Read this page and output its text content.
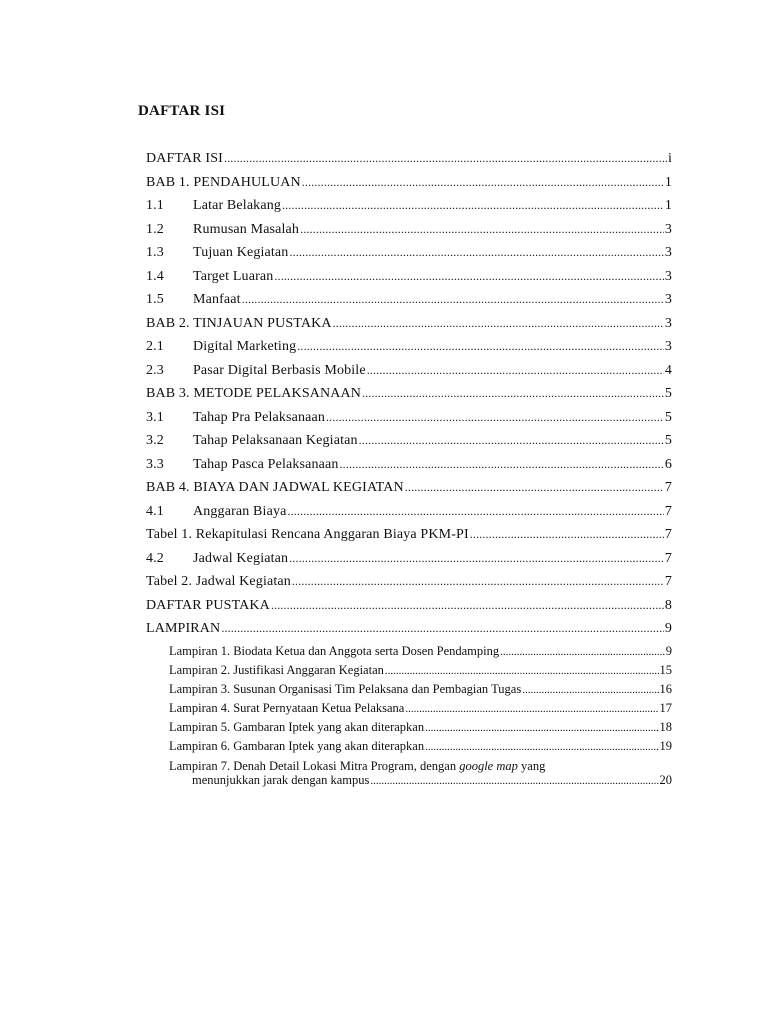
DAFTAR ISI
DAFTAR ISI .....	i
BAB 1. PENDAHULUAN .....	1
1.1	Latar Belakang .....	1
1.2	Rumusan Masalah .....	3
1.3	Tujuan Kegiatan .....	3
1.4	Target Luaran .....	3
1.5	Manfaat .....	3
BAB 2. TINJAUAN PUSTAKA .....	3
2.1	Digital Marketing .....	3
2.3	Pasar Digital Berbasis Mobile .....	4
BAB 3. METODE PELAKSANAAN .....	5
3.1	Tahap Pra Pelaksanaan .....	5
3.2	Tahap Pelaksanaan Kegiatan .....	5
3.3	Tahap Pasca Pelaksanaan .....	6
BAB 4. BIAYA DAN JADWAL KEGIATAN .....	7
4.1	Anggaran Biaya .....	7
Tabel 1. Rekapitulasi Rencana Anggaran Biaya PKM-PI .....	7
4.2	Jadwal Kegiatan .....	7
Tabel 2. Jadwal Kegiatan .....	7
DAFTAR PUSTAKA .....	8
LAMPIRAN .....	9
Lampiran 1. Biodata Ketua dan Anggota serta Dosen Pendamping .....	9
Lampiran 2. Justifikasi Anggaran Kegiatan .....	15
Lampiran 3. Susunan Organisasi Tim Pelaksana dan Pembagian Tugas .....	16
Lampiran 4. Surat Pernyataan Ketua Pelaksana .....	17
Lampiran 5. Gambaran Iptek yang akan diterapkan .....	18
Lampiran 6. Gambaran Iptek yang akan diterapkan .....	19
Lampiran 7. Denah Detail Lokasi Mitra Program, dengan google map yang
menunjukkan jarak dengan kampus .....	20
